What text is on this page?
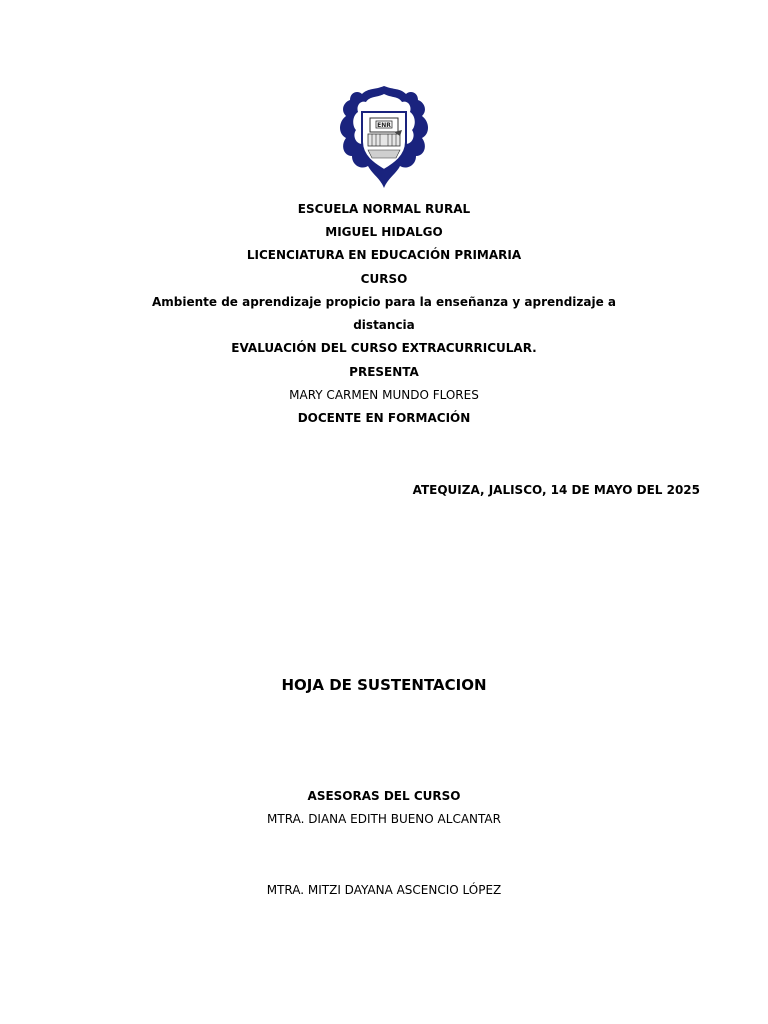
ENR
ESCUELA NORMAL RURAL
MIGUEL HIDALGO
LICENCIATURA EN EDUCACIÓN PRIMARIA
CURSO
Ambiente de aprendizaje propicio para la enseñanza y aprendizaje a
distancia
EVALUACIÓN DEL CURSO EXTRACURRICULAR.
PRESENTA
MARY CARMEN MUNDO FLORES
DOCENTE EN FORMACIÓN
ATEQUIZA, JALISCO, 14 DE MAYO DEL 2025
HOJA DE SUSTENTACION
ASESORAS DEL CURSO
MTRA. DIANA EDITH BUENO ALCANTAR
MTRA. MITZI DAYANA ASCENCIO LÓPEZ
